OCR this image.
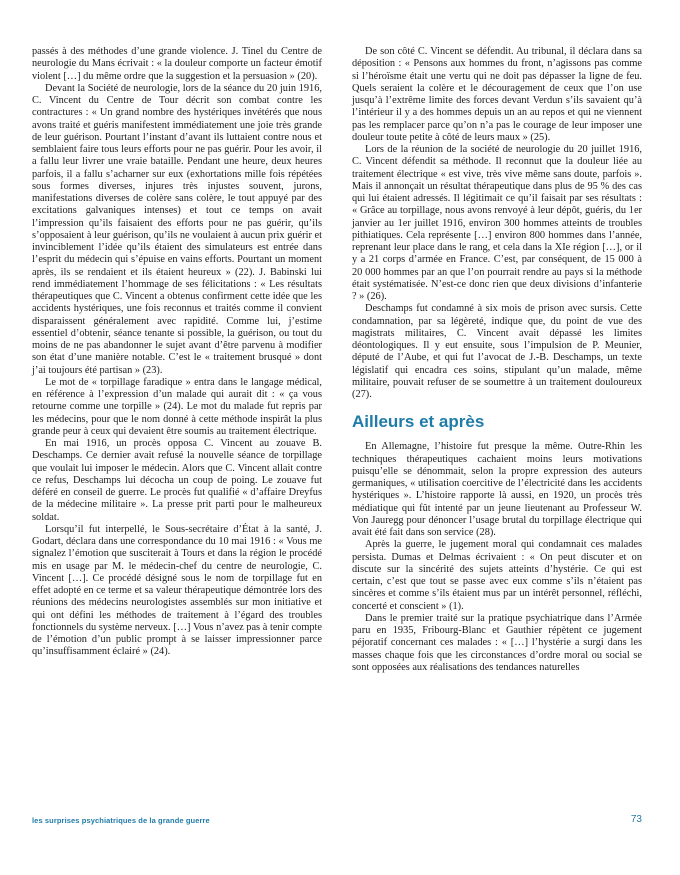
passés à des méthodes d’une grande violence. J. Tinel du Centre de neurologie du Mans écrivait : « la douleur comporte un facteur émotif violent […] du même ordre que la suggestion et la persuasion » (20).

Devant la Société de neurologie, lors de la séance du 20 juin 1916, C. Vincent du Centre de Tour décrit son combat contre les contractures : « Un grand nombre des hystériques invétérés que nous avons traité et guéris manifestent immédiatement une joie très grande de leur guérison. Pourtant l’instant d’avant ils luttaient contre nous et semblaient faire tous leurs efforts pour ne pas guérir. Pour les avoir, il a fallu leur livrer une vraie bataille. Pendant une heure, deux heures parfois, il a fallu s’acharner sur eux (exhortations mille fois répétées sous formes diverses, injures très injustes souvent, jurons, manifestations diverses de colère sans colère, le tout appuyé par des excitations galvaniques intenses) et tout ce temps on avait l’impression qu’ils faisaient des efforts pour ne pas guérir, qu’ils s’opposaient à leur guérison, qu’ils ne voulaient à aucun prix guérir et invinciblement l’idée qu’ils étaient des simulateurs est entrée dans l’esprit du médecin qui s’épuise en vains efforts. Pourtant un moment après, ils se rendaient et ils étaient heureux » (22). J. Babinski lui rend immédiatement l’hommage de ses félicitations : « Les résultats thérapeutiques que C. Vincent a obtenus confirment cette idée que les accidents hystériques, une fois reconnus et traités comme il convient disparaissent généralement avec rapidité. Comme lui, j’estime essentiel d’obtenir, séance tenante si possible, la guérison, ou tout du moins de ne pas abandonner le sujet avant d’être parvenu à modifier son état d’une manière notable. C’est le « traitement brusqué » dont j’ai toujours été partisan » (23).

Le mot de « torpillage faradique » entra dans le langage médical, en référence à l’expression d’un malade qui aurait dit : « ça vous retourne comme une torpille » (24). Le mot du malade fut repris par les médecins, pour que le nom donné à cette méthode inspirât la plus grande peur à ceux qui devaient être soumis au traitement électrique.

En mai 1916, un procès opposa C. Vincent au zouave B. Deschamps. Ce dernier avait refusé la nouvelle séance de torpillage que voulait lui imposer le médecin. Alors que C. Vincent allait contre ce refus, Deschamps lui décocha un coup de poing. Le zouave fut déféré en conseil de guerre. Le procès fut qualifié « d’affaire Dreyfus de la médecine militaire ». La presse prit parti pour le malheureux soldat.

Lorsqu’il fut interpellé, le Sous-secrétaire d’État à la santé, J. Godart, déclara dans une correspondance du 10 mai 1916 : « Vous me signalez l’émotion que susciterait à Tours et dans la région le procédé mis en usage par M. le médecin-chef du centre de neurologie, C. Vincent […]. Ce procédé désigné sous le nom de torpillage fut en effet adopté en ce terme et sa valeur thérapeutique démontrée lors des réunions des médecins neurologistes assemblés sur mon initiative et qui ont défini les méthodes de traitement à l’égard des troubles fonctionnels du système nerveux. […] Vous n’avez pas à tenir compte de l’émotion d’un public prompt à se laisser impressionner parce qu’insuffisamment éclairé » (24).

De son côté C. Vincent se défendit. Au tribunal, il déclara dans sa déposition : « Pensons aux hommes du front, n’agissons pas comme si l’héroïsme était une vertu qui ne doit pas dépasser la ligne de feu. Quels seraient la colère et le découragement de ceux que l’on use jusqu’à l’extrême limite des forces devant Verdun s’ils savaient qu’à l’intérieur il y a des hommes depuis un an au repos et qui ne viennent pas les remplacer parce qu’on n’a pas le courage de leur imposer une douleur toute petite à côté de leurs maux » (25).

Lors de la réunion de la société de neurologie du 20 juillet 1916, C. Vincent défendit sa méthode. Il reconnut que la douleur liée au traitement électrique « est vive, très vive même sans doute, parfois ». Mais il annonçait un résultat thérapeutique dans plus de 95 % des cas qui lui étaient adressés. Il légitimait ce qu’il faisait par ses résultats : « Grâce au torpillage, nous avons renvoyé à leur dépôt, guéris, du 1er janvier au 1er juillet 1916, environ 300 hommes atteints de troubles pithiatiques. Cela représente […] environ 800 hommes dans l’année, reprenant leur place dans le rang, et cela dans la XIe région […], or il y a 21 corps d’armée en France. C’est, par conséquent, de 15 000 à 20 000 hommes par an que l’on pourrait rendre au pays si la méthode était systématisée. N’est-ce donc rien que deux divisions d’infanterie ? » (26).

Deschamps fut condamné à six mois de prison avec sursis. Cette condamnation, par sa légèreté, indique que, du point de vue des magistrats militaires, C. Vincent avait dépassé les limites déontologiques. Il y eut ensuite, sous l’impulsion de P. Meunier, député de l’Aube, et qui fut l’avocat de J.-B. Deschamps, un texte législatif qui encadra ces soins, stipulant qu’un malade, même militaire, pouvait refuser de se soumettre à un traitement douloureux (27).

Ailleurs et après

En Allemagne, l’histoire fut presque la même. Outre-Rhin les techniques thérapeutiques cachaient moins leurs motivations puisqu’elle se dénommait, selon la propre expression des auteurs germaniques, « utilisation coercitive de l’électricité dans les accidents hystériques ». L’histoire rapporte là aussi, en 1920, un procès très médiatique qui fût intenté par un jeune lieutenant au Professeur W. Von Jauregg pour dénoncer l’usage brutal du torpillage électrique qui avait été fait dans son service (28).

Après la guerre, le jugement moral qui condamnait ces malades persista. Dumas et Delmas écrivaient : « On peut discuter et on discute sur la sincérité des sujets atteints d’hystérie. Ce qui est certain, c’est que tout se passe avec eux comme s’ils n’étaient pas sincères et comme s’ils étaient mus par un intérêt personnel, réfléchi, concerté et conscient » (1).

Dans le premier traité sur la pratique psychiatrique dans l’Armée paru en 1935, Fribourg-Blanc et Gauthier répètent ce jugement péjoratif concernant ces malades : « […] l’hystérie a surgi dans les masses chaque fois que les circonstances d’ordre moral ou social se sont opposées aux réalisations des tendances naturelles

les surprises psychiatriques de la grande guerre	73
